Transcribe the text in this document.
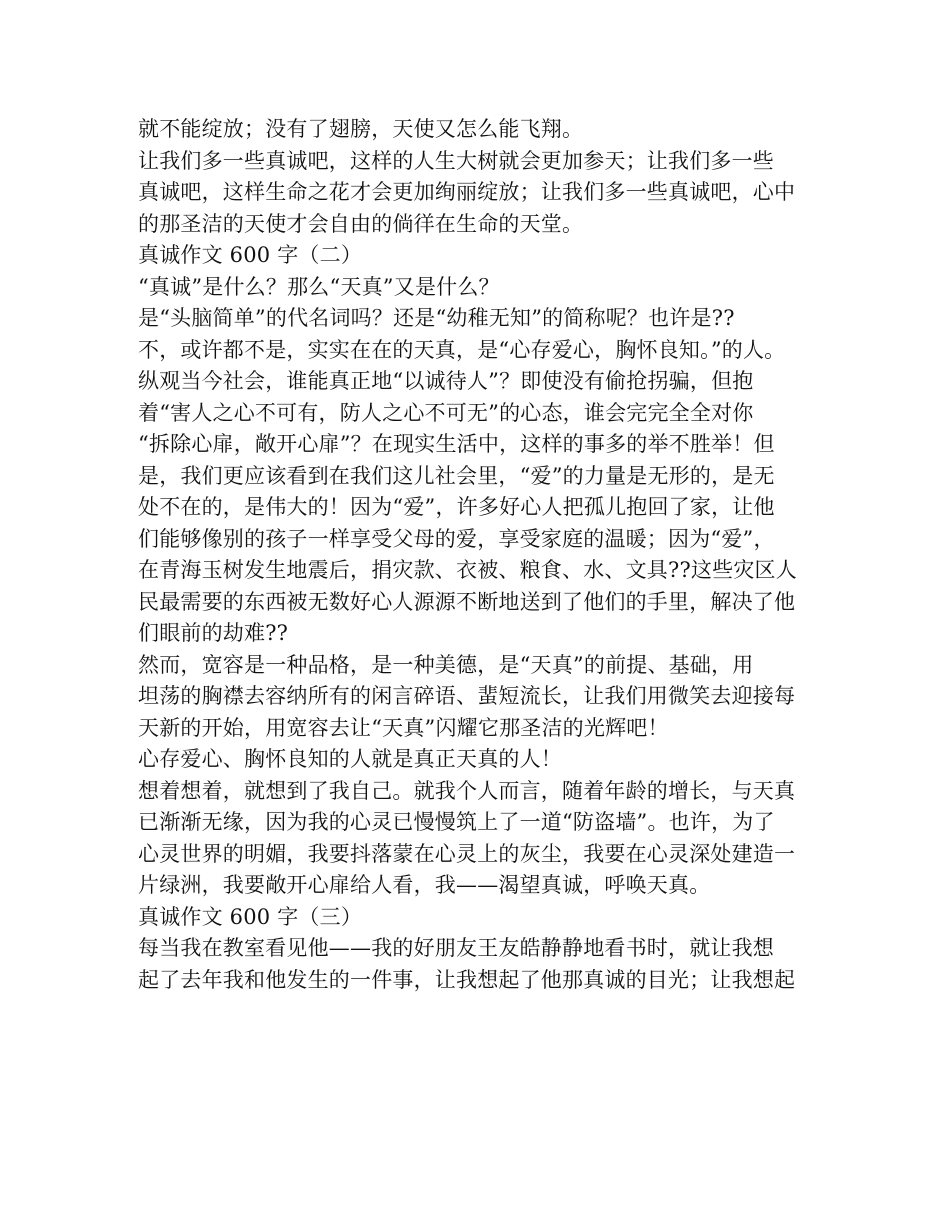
就不能绽放；没有了翅膀，天使又怎么能飞翔。
让我们多一些真诚吧，这样的人生大树就会更加参天；让我们多一些
真诚吧，这样生命之花才会更加绚丽绽放；让我们多一些真诚吧，心中
的那圣洁的天使才会自由的倘徉在生命的天堂。
真诚作文 600 字（二）
“真诚”是什么？那么“天真”又是什么？
是“头脑简单”的代名词吗？还是“幼稚无知”的简称呢？也许是??
不，或许都不是，实实在在的天真，是“心存爱心，胸怀良知。”的人。
纵观当今社会，谁能真正地“以诚待人”？即使没有偷抢拐骗，但抱
着“害人之心不可有，防人之心不可无”的心态，谁会完完全全对你
“拆除心扉，敞开心扉”？在现实生活中，这样的事多的举不胜举！但
是，我们更应该看到在我们这儿社会里，“爱”的力量是无形的，是无
处不在的，是伟大的！因为“爱”，许多好心人把孤儿抱回了家，让他
们能够像别的孩子一样享受父母的爱，享受家庭的温暖；因为“爱”，
在青海玉树发生地震后，捐灾款、衣被、粮食、水、文具??这些灾区人
民最需要的东西被无数好心人源源不断地送到了他们的手里，解决了他
们眼前的劫难??
然而，宽容是一种品格，是一种美德，是“天真”的前提、基础，用
坦荡的胸襟去容纳所有的闲言碎语、蜚短流长，让我们用微笑去迎接每
天新的开始，用宽容去让“天真”闪耀它那圣洁的光辉吧！
心存爱心、胸怀良知的人就是真正天真的人！
想着想着，就想到了我自己。就我个人而言，随着年龄的增长，与天真
已渐渐无缘，因为我的心灵已慢慢筑上了一道“防盗墙”。也许，为了
心灵世界的明媚，我要抖落蒙在心灵上的灰尘，我要在心灵深处建造一
片绿洲，我要敞开心扉给人看，我——渴望真诚，呼唤天真。
真诚作文 600 字（三）
每当我在教室看见他——我的好朋友王友皓静静地看书时，就让我想
起了去年我和他发生的一件事，让我想起了他那真诚的目光；让我想起
